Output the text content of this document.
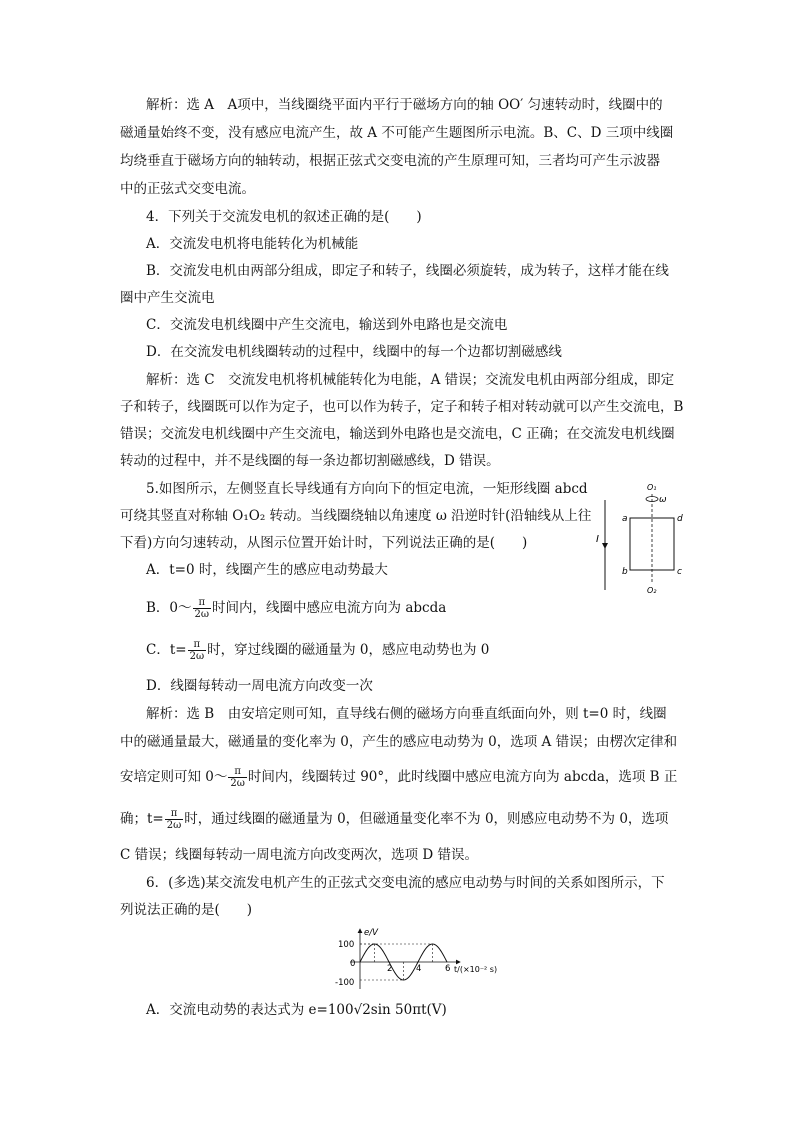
解析：选 A　A项中，当线圈绕平面内平行于磁场方向的轴 OO′ 匀速转动时，线圈中的
磁通量始终不变，没有感应电流产生，故 A 不可能产生题图所示电流。B、C、D 三项中线圈
均绕垂直于磁场方向的轴转动，根据正弦式交变电流的产生原理可知，三者均可产生示波器
中的正弦式交变电流。
4．下列关于交流发电机的叙述正确的是(　　)
A．交流发电机将电能转化为机械能
B．交流发电机由两部分组成，即定子和转子，线圈必须旋转，成为转子，这样才能在线
圈中产生交流电
C．交流发电机线圈中产生交流电，输送到外电路也是交流电
D．在交流发电机线圈转动的过程中，线圈中的每一个边都切割磁感线
解析：选 C　交流发电机将机械能转化为电能，A 错误；交流发电机由两部分组成，即定
子和转子，线圈既可以作为定子，也可以作为转子，定子和转子相对转动就可以产生交流电，B
错误；交流发电机线圈中产生交流电，输送到外电路也是交流电，C 正确；在交流发电机线圈
转动的过程中，并不是线圈的每一条边都切割磁感线，D 错误。
5.如图所示，左侧竖直长导线通有方向向下的恒定电流，一矩形线圈 abcd
可绕其竖直对称轴 O₁O₂ 转动。当线圈绕轴以角速度 ω 沿逆时针(沿轴线从上往
下看)方向匀速转动，从图示位置开始计时，下列说法正确的是(　　)
A．t=0 时，线圈产生的感应电动势最大
B．0～ $\frac{\pi}{2\omega}$ 时间内，线圈中感应电流方向为 abcda
C．$t= \frac{\pi}{2\omega}$ 时，穿过线圈的磁通量为 0，感应电动势也为 0
D．线圈每转动一周电流方向改变一次
解析：选 B　由安培定则可知，直导线右侧的磁场方向垂直纸面向外，则 t=0 时，线圈
中的磁通量最大，磁通量的变化率为 0，产生的感应电动势为 0，选项 A 错误；由楞次定律和
安培定则可知 0～ $\frac{\pi}{2\omega}$ 时间内，线圈转过 90°，此时线圈中感应电流方向为 abcda，选项 B 正
确；$t= \frac{\pi}{2\omega}$ 时，通过线圈的磁通量为 0，但磁通量变化率不为 0，则感应电动势不为 0，选项
C 错误；线圈每转动一周电流方向改变两次，选项 D 错误。
I
O₁
ω
a	d
b	c
O₂
6．(多选)某交流发电机产生的正弦式交变电流的感应电动势与时间的关系如图所示，下
列说法正确的是(　　)
e/V
t/(×10⁻² s)
100
0
-100
2	4	6
A．交流电动势的表达式为 e=100√2sin 50πt(V)
